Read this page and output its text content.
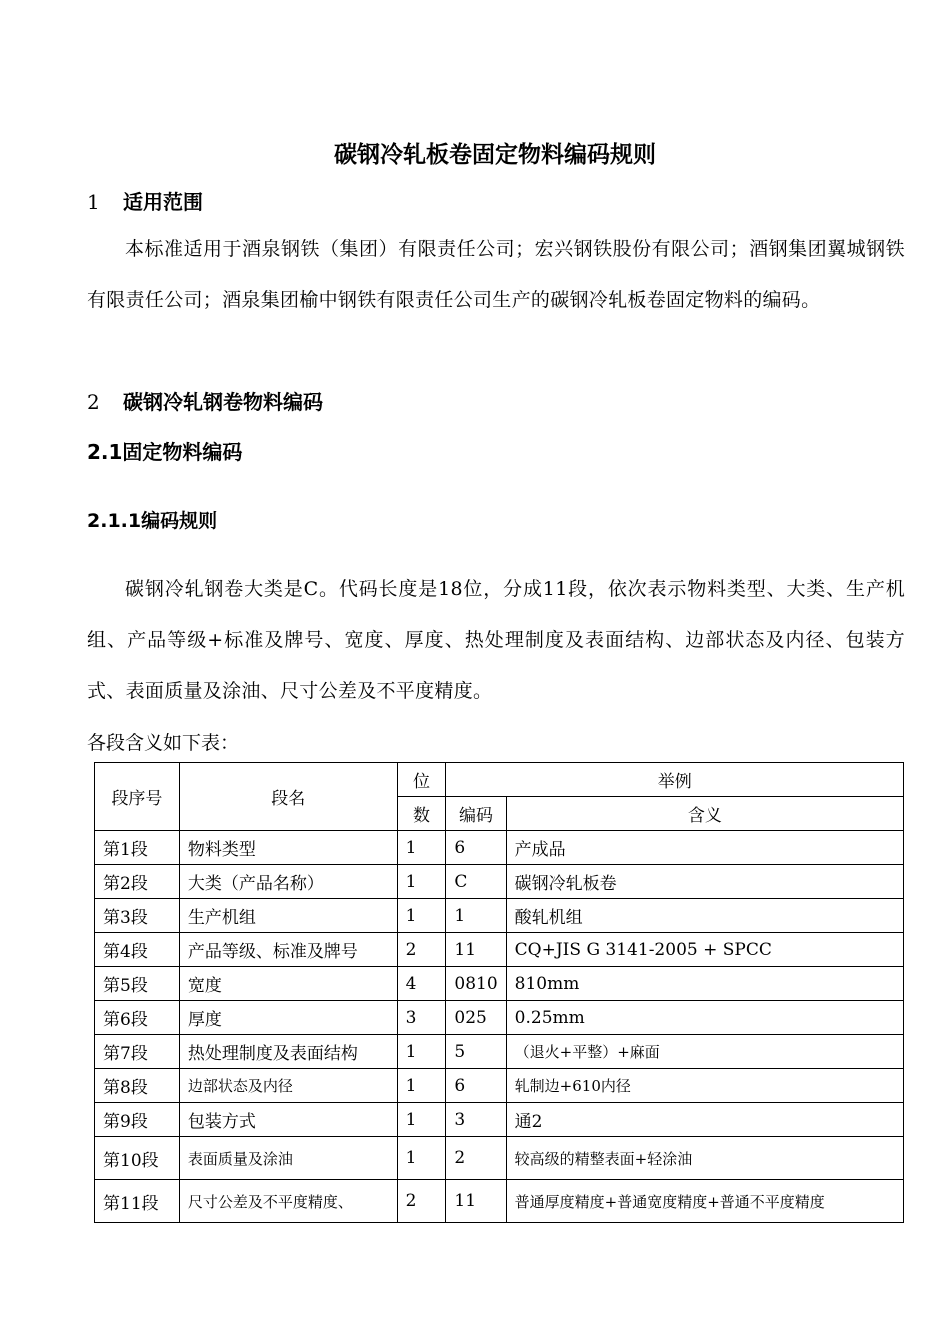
碳钢冷轧板卷固定物料编码规则
1 适用范围
本标准适用于酒泉钢铁（集团）有限责任公司；宏兴钢铁股份有限公司；酒钢集团翼城钢铁有限责任公司；酒泉集团榆中钢铁有限责任公司生产的碳钢冷轧板卷固定物料的编码。
2 碳钢冷轧钢卷物料编码
2.1固定物料编码
2.1.1编码规则
碳钢冷轧钢卷大类是C。代码长度是18位，分成11段，依次表示物料类型、大类、生产机组、产品等级+标准及牌号、宽度、厚度、热处理制度及表面结构、边部状态及内径、包装方式、表面质量及涂油、尺寸公差及不平度精度。
各段含义如下表：
段序号	段名	位	举例	
		数	编码	含义
第1段	物料类型	1	6	产成品
第2段	大类（产品名称）	1	C	碳钢冷轧板卷
第3段	生产机组	1	1	酸轧机组
第4段	产品等级、标准及牌号	2	11	CQ+JIS G 3141-2005 + SPCC
第5段	宽度	4	0810	810mm
第6段	厚度	3	025	0.25mm
第7段	热处理制度及表面结构	1	5	（退火+平整）+麻面
第8段	边部状态及内径	1	6	轧制边+610内径
第9段	包装方式	1	3	通2
第10段	表面质量及涂油	1	2	较高级的精整表面+轻涂油
第11段	尺寸公差及不平度精度、	2	11	普通厚度精度+普通宽度精度+普通不平度精度
